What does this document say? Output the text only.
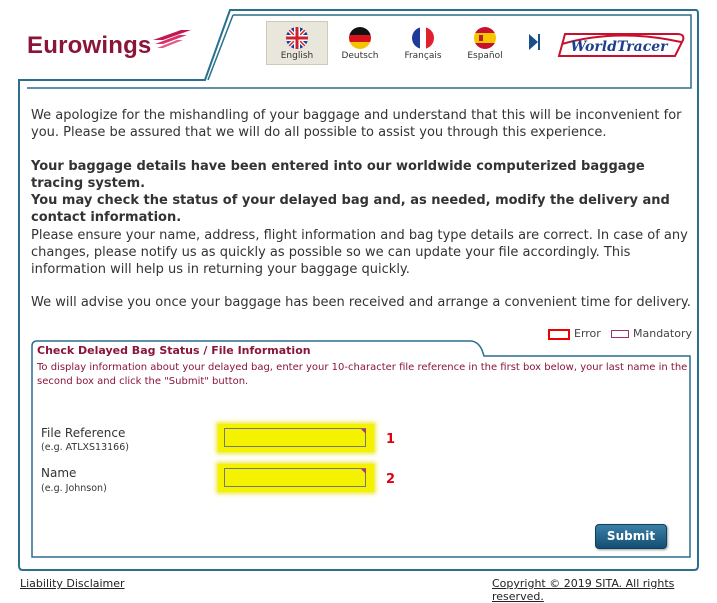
Eurowings	English	Deutsch	Français	Español
WorldTracer
We apologize for the mishandling of your baggage and understand that this will be inconvenient for you. Please be assured that we will do all possible to assist you through this experience.
Your baggage details have been entered into our worldwide computerized baggage tracing system.
You may check the status of your delayed bag and, as needed, modify the delivery and contact information.
Please ensure your name, address, flight information and bag type details are correct. In case of any changes, please notify us as quickly as possible so we can update your file accordingly. This information will help us in returning your baggage quickly.
We will advise you once your baggage has been received and arrange a convenient time for delivery.
Error	Mandatory
Check Delayed Bag Status / File Information
To display information about your delayed bag, enter your 10-character file reference in the first box below, your last name in the second box and click the "Submit" button.
File Reference
(e.g. ATLXS13166)
1
Name
(e.g. Johnson)
2
Submit
Liability Disclaimer	Copyright © 2019 SITA. All rights reserved.
